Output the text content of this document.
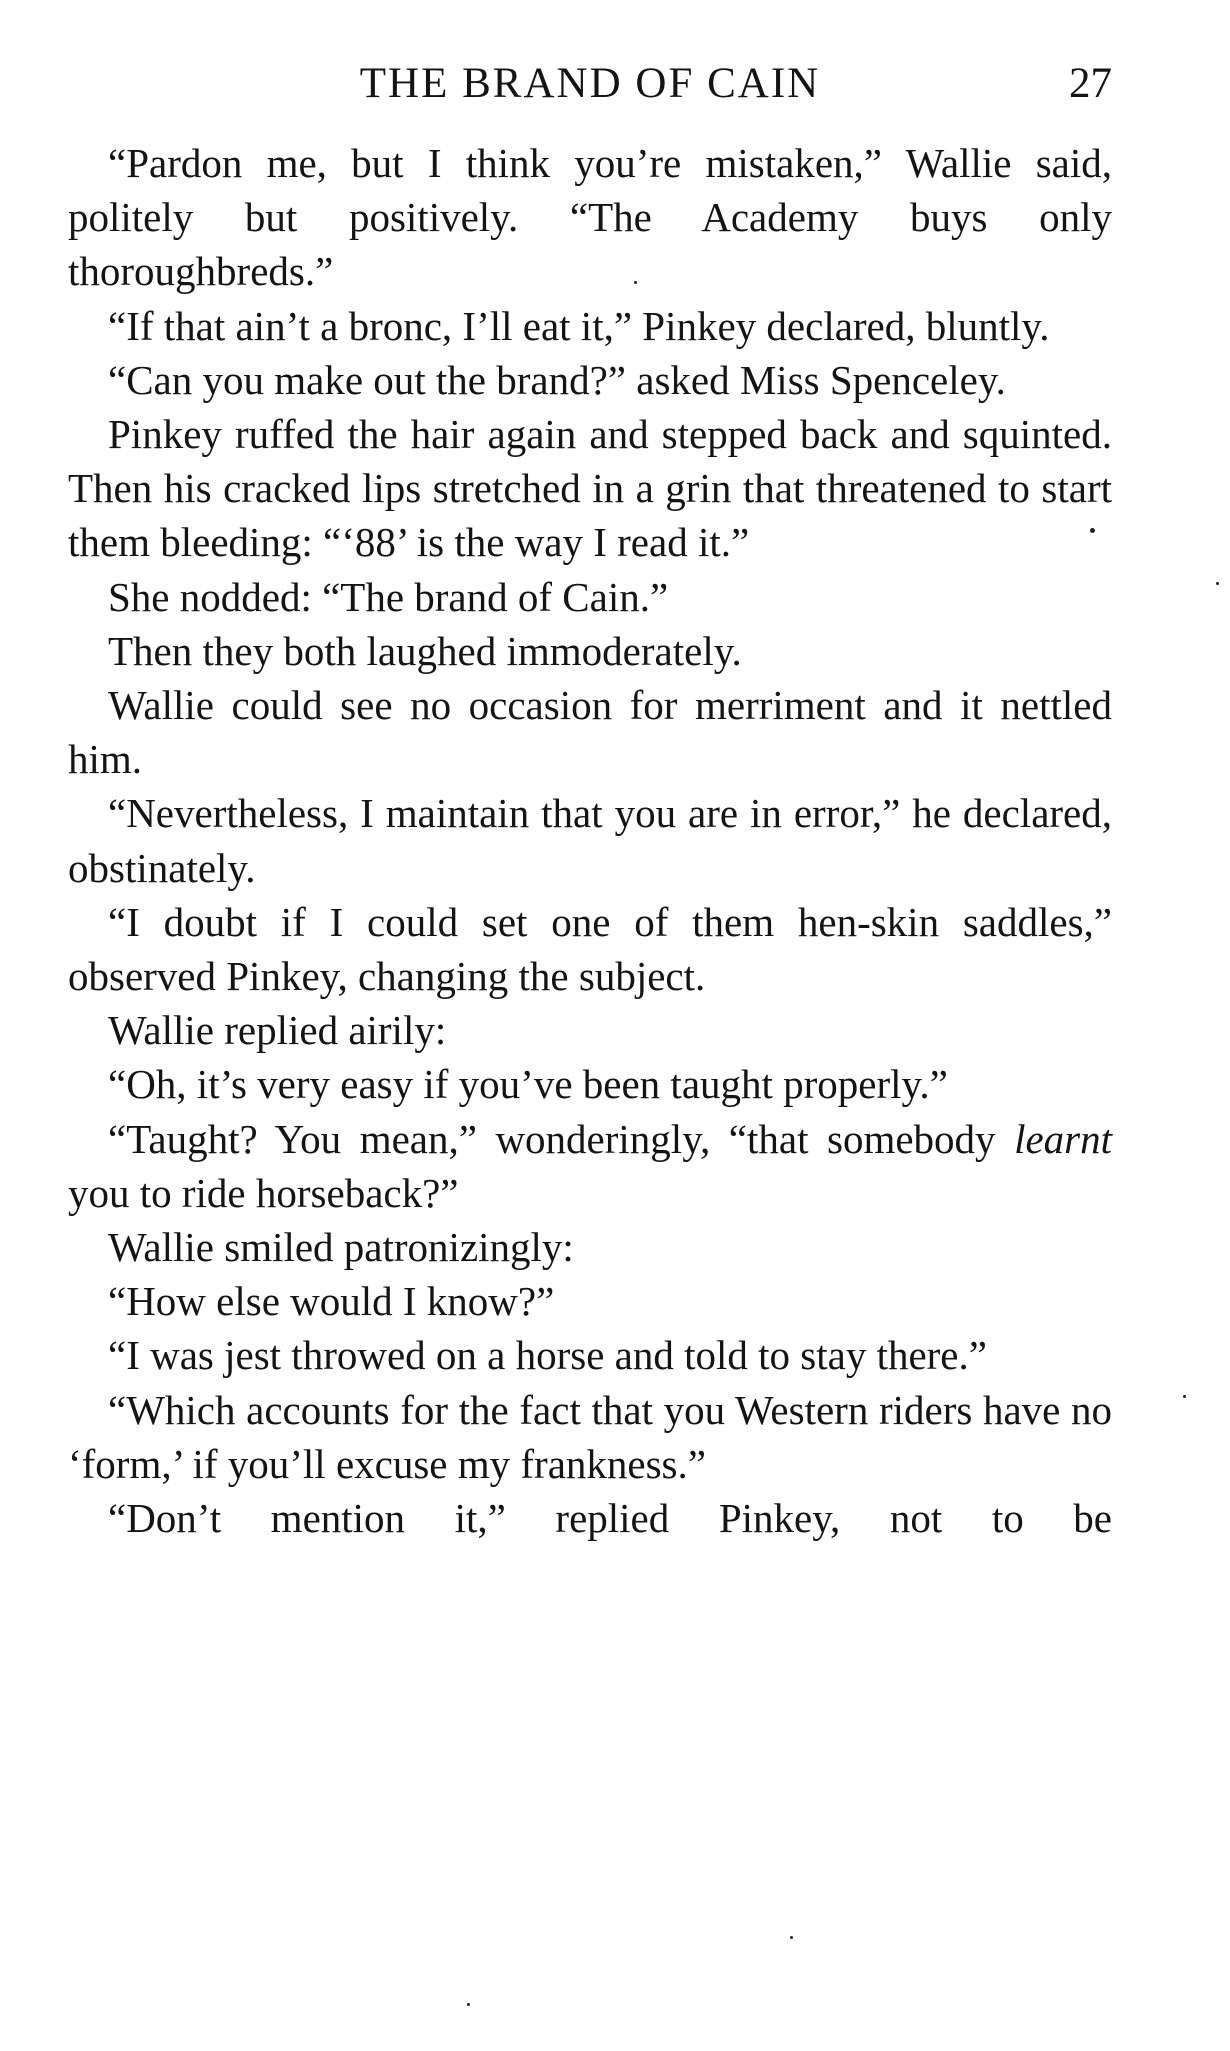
THE BRAND OF CAIN	27

“Pardon me, but I think you’re mistaken,” Wallie said, politely but positively. “The Academy buys only thoroughbreds.”

“If that ain’t a bronc, I’ll eat it,” Pinkey declared, bluntly.

“Can you make out the brand?” asked Miss Spenceley.

Pinkey ruffed the hair again and stepped back and squinted. Then his cracked lips stretched in a grin that threatened to start them bleeding: “‘88’ is the way I read it.”

She nodded: “The brand of Cain.”

Then they both laughed immoderately.

Wallie could see no occasion for merriment and it nettled him.

“Nevertheless, I maintain that you are in error,” he declared, obstinately.

“I doubt if I could set one of them hen-skin saddles,” observed Pinkey, changing the subject.

Wallie replied airily:

“Oh, it’s very easy if you’ve been taught properly.”

“Taught? You mean,” wonderingly, “that somebody learnt you to ride horseback?”

Wallie smiled patronizingly:

“How else would I know?”

“I was jest throwed on a horse and told to stay there.”

“Which accounts for the fact that you Western riders have no ‘form,’ if you’ll excuse my frankness.”

“Don’t mention it,” replied Pinkey, not to be
